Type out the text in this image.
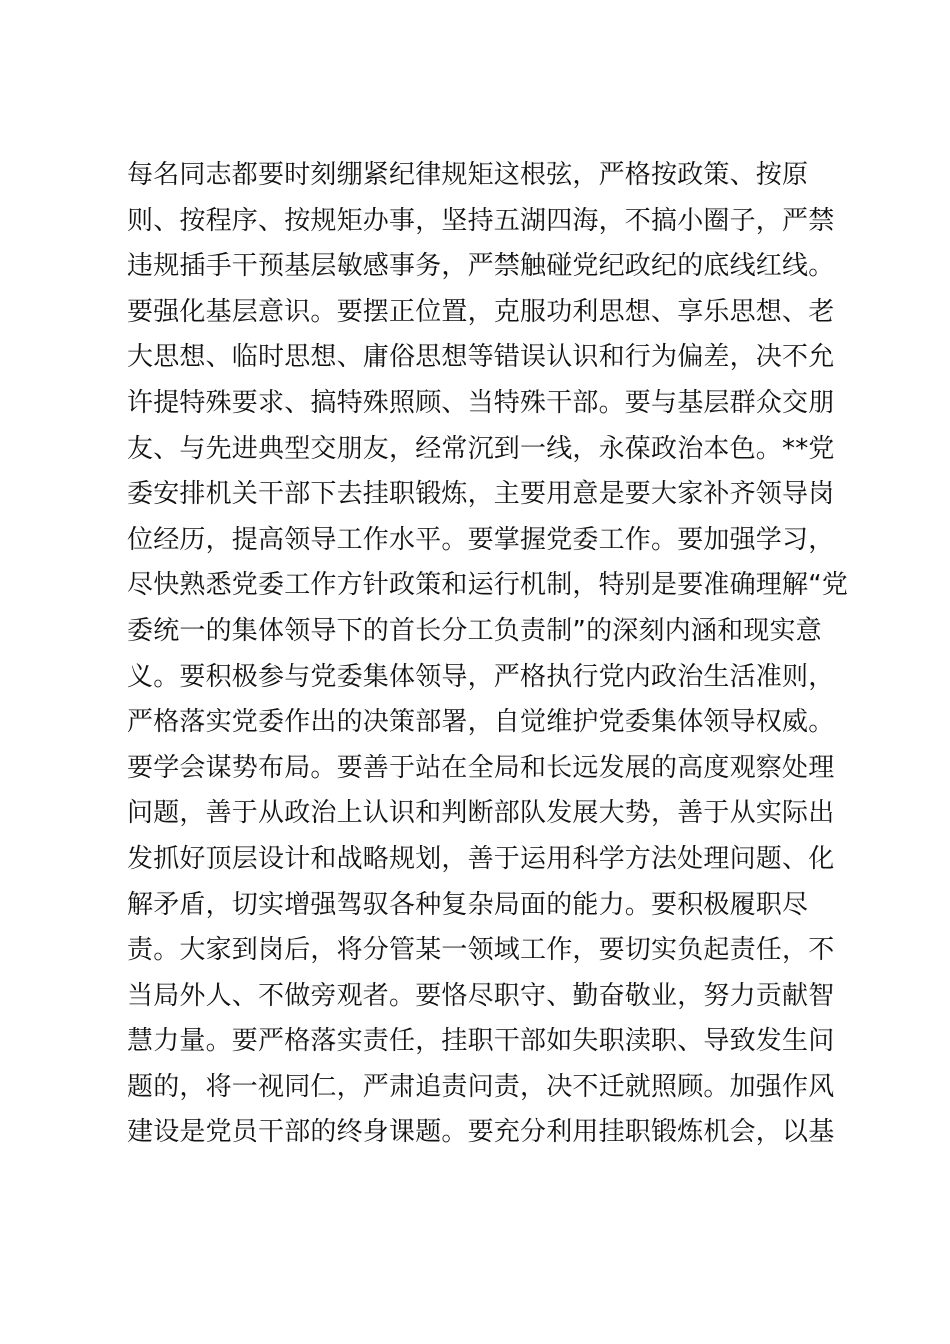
每名同志都要时刻绷紧纪律规矩这根弦，严格按政策、按原
则、按程序、按规矩办事，坚持五湖四海，不搞小圈子，严禁
违规插手干预基层敏感事务，严禁触碰党纪政纪的底线红线。
要强化基层意识。要摆正位置，克服功利思想、享乐思想、老
大思想、临时思想、庸俗思想等错误认识和行为偏差，决不允
许提特殊要求、搞特殊照顾、当特殊干部。要与基层群众交朋
友、与先进典型交朋友，经常沉到一线，永葆政治本色。**党
委安排机关干部下去挂职锻炼，主要用意是要大家补齐领导岗
位经历，提高领导工作水平。要掌握党委工作。要加强学习，
尽快熟悉党委工作方针政策和运行机制，特别是要准确理解“党
委统一的集体领导下的首长分工负责制”的深刻内涵和现实意
义。要积极参与党委集体领导，严格执行党内政治生活准则，
严格落实党委作出的决策部署，自觉维护党委集体领导权威。
要学会谋势布局。要善于站在全局和长远发展的高度观察处理
问题，善于从政治上认识和判断部队发展大势，善于从实际出
发抓好顶层设计和战略规划，善于运用科学方法处理问题、化
解矛盾，切实增强驾驭各种复杂局面的能力。要积极履职尽
责。大家到岗后，将分管某一领域工作，要切实负起责任，不
当局外人、不做旁观者。要恪尽职守、勤奋敬业，努力贡献智
慧力量。要严格落实责任，挂职干部如失职渎职、导致发生问
题的，将一视同仁，严肃追责问责，决不迁就照顾。加强作风
建设是党员干部的终身课题。要充分利用挂职锻炼机会，以基
